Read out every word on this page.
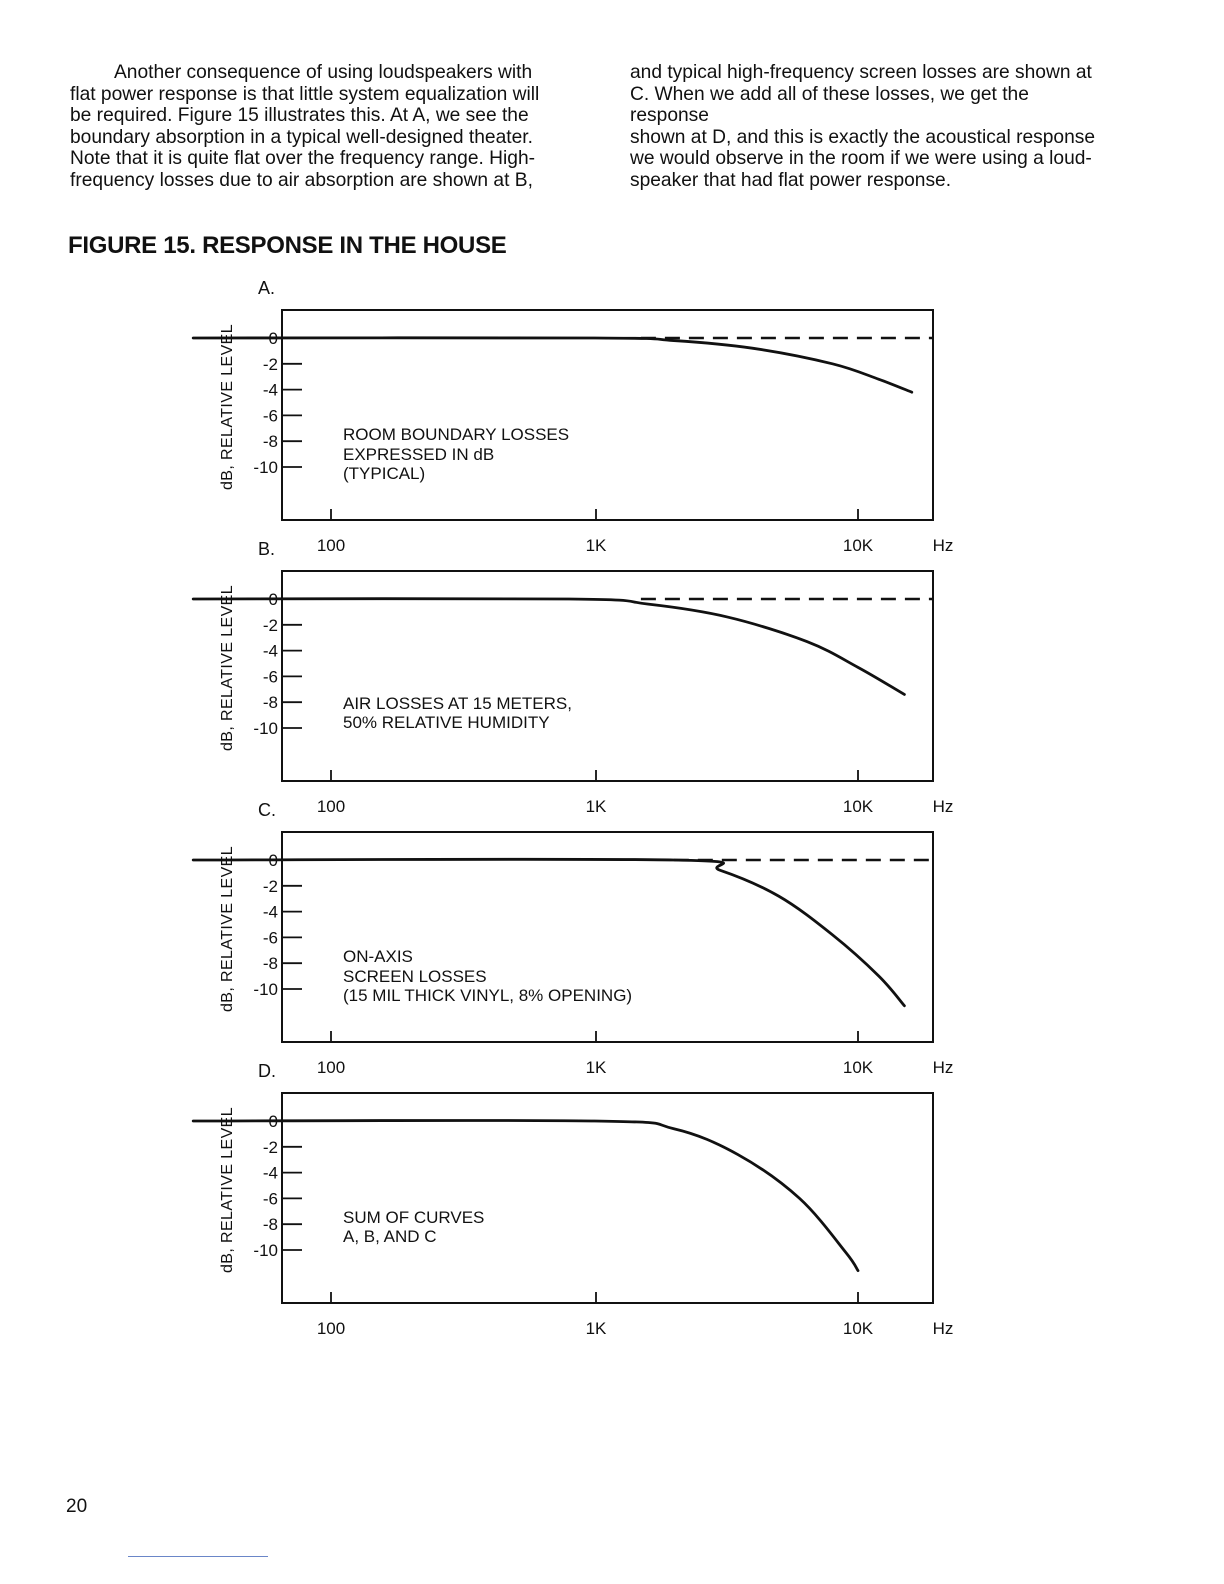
Another consequence of using loudspeakers with

flat power response is that little system equalization will

be required. Figure 15 illustrates this. At A, we see the

boundary absorption in a typical well-designed theater.

Note that it is quite flat over the frequency range. High-

frequency losses due to air absorption are shown at B,

and typical high-frequency screen losses are shown at

C. When we add all of these losses, we get the response

shown at D, and this is exactly the acoustical response

we would observe in the room if we were using a loud-

speaker that had flat power response.

FIGURE 15. RESPONSE IN THE HOUSE
A.
0
-2
-4
-6
-8
-10
100	1K	10K	Hz
dB, RELATIVE LEVEL	ROOM BOUNDARY LOSSES
EXPRESSED IN dB
(TYPICAL)
B.
0
-2
-4
-6
-8
-10
100	1K	10K	Hz
dB, RELATIVE LEVEL	AIR LOSSES AT 15 METERS,
50% RELATIVE HUMIDITY
C.
0
-2
-4
-6
-8
-10
100	1K	10K	Hz
dB, RELATIVE LEVEL	ON-AXIS
SCREEN LOSSES
(15 MIL THICK VINYL, 8% OPENING)
D.
0
-2
-4
-6
-8
-10
100	1K	10K	Hz
dB, RELATIVE LEVEL	SUM OF CURVES
A, B, AND C
20
